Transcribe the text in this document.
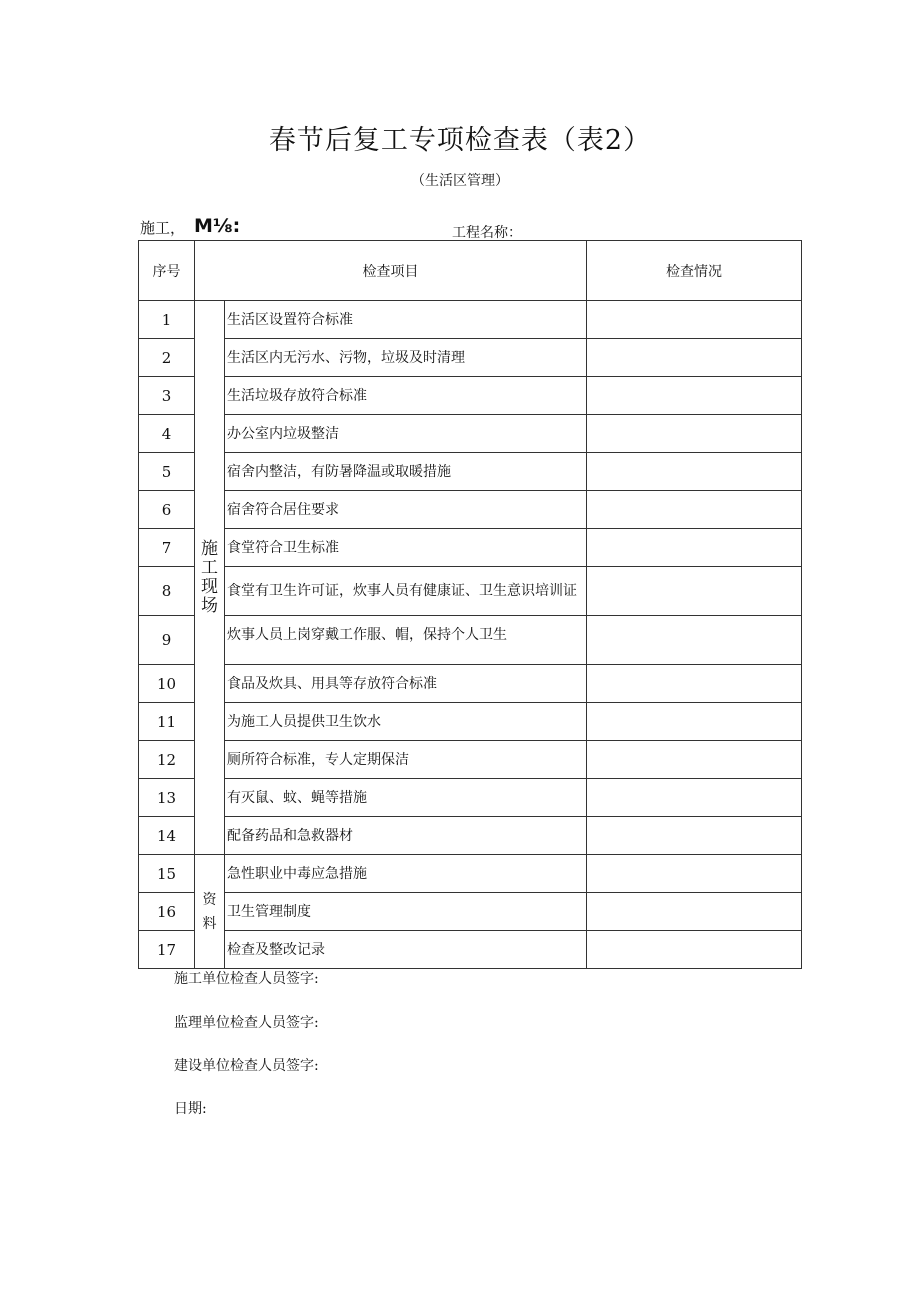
春节后复工专项检查表（表2）
（生活区管理）
施工， M⅛:	工程名称：
序号	检查项目		检查情况
1	施工现场	生活区设置符合标准	
2		生活区内无污水、污物，垃圾及时清理	
3		生活垃圾存放符合标准	
4		办公室内垃圾整洁	
5		宿舍内整洁，有防暑降温或取暖措施	
6		宿舍符合居住要求	
7		食堂符合卫生标准	
8		食堂有卫生许可证，炊事人员有健康证、卫生意识培训证	
9		炊事人员上岗穿戴工作服、帽，保持个人卫生	
10		食品及炊具、用具等存放符合标准	
11		为施工人员提供卫生饮水	
12		厕所符合标准，专人定期保洁	
13		有灭鼠、蚊、蝇等措施	
14		配备药品和急救器材	
15	资料	急性职业中毒应急措施	
16		卫生管理制度	
17		检查及整改记录	
施工单位检查人员签字:
监理单位检查人员签字:
建设单位检查人员签字:
日期:
